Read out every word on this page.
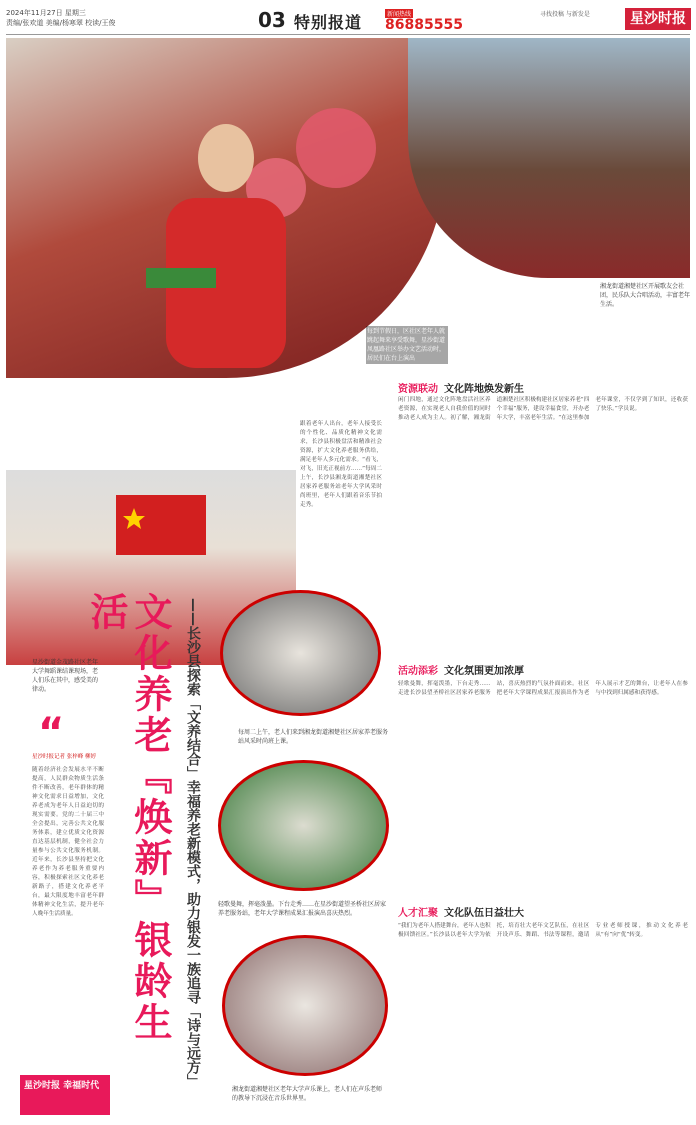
2024年11月27日 星期三
责编/张欢道 美编/杨寒翠 校读/王俊	03 特别报道	新闻热线
86885555
寻找投稿 与新发是	星沙时报
每到节假日，区社区老年人就跳起舞来享受歌舞，星沙街道凤凰路社区举办文艺活动时，居民们在台上演出
湘龙街道湘楚社区开展歌友会社团，民乐队大合唱活动，丰富老年生活。
星沙街道金茂路社区老年大学舞蹈课结课现场，老人们乐在其中，感受美的律动。	文化养老『焕新』银龄生活	——长沙县探索「文养结合」幸福养老新模式，助力银发一族追寻「诗与远方」	每周二上午，老人们来到湘龙街道湘楚社区居家养老服务站风采时尚班上课。
轻歌曼舞，挥毫泼墨。下台走秀……在星沙街道望圣桥社区居家养老服务站，老年大学课程成果汇报演出喜庆热烈。
湘龙街道湘楚社区老年大学声乐课上，老人们在声乐老师的教导下沉浸在音乐世界里。
“
星沙时报记者 张梓峰 柳婷
随着经济社会发展水平不断提高，人民群众物质生活条件不断改善，老年群体的精神文化需求日益增加，文化养老成为老年人日益迫切的现实需要。党的二十届三中全会提出，完善公共文化服务体系，建立优质文化资源直达基层机制，健全社会力量参与公共文化服务机制。近年来，长沙县坚持把文化养老作为养老服务重要内容，积极探索社区文化养老新路子，搭建文化养老平台，最大限度地丰富老年群体精神文化生活，提升老年人晚年生活质量。
星沙时报 幸福时代
跟着老年人出台，老年人接受长的个性化、品质化精神文化需求，长沙县积极盘活和精准社会资源，扩大文化养老服务供给，满足老年人多元化需求。“看飞，对飞，旧光正视前方……”每周二上午，长沙县湘龙街道湘楚社区居家养老服务站老年大学风采时尚班里，老年人们跟着音乐节拍走秀。
资源联动 文化阵地焕发新生
闲门四地，通过文化阵地盘活社区养老资源，在实现老人自我价值的同时推动老人成为主人。初了解，湘龙街道湘楚社区积极构建社区居家养老“四个幸福”服务，建设幸福食堂，开办老年大学，丰富老年生活。“在这里参加老年课堂，不仅学到了知识，还收获了快乐。”学员说。
活动添彩 文化氛围更加浓厚
轻歌曼舞，挥毫泼墨，下台走秀……走进长沙县望圣桥社区居家养老服务站，喜庆热烈的气氛扑面而来。社区把老年大学课程成果汇报演出作为老年人展示才艺的舞台，让老年人在参与中找到归属感和获得感。
人才汇聚 文化队伍日益壮大
“我们为老年人搭建舞台，老年人也积极回馈社区。”长沙县以老年大学为依托，培育壮大老年文艺队伍，在社区开设声乐、舞蹈、书法等课程，邀请专业老师授课，推动文化养老从“有”向“优”转变。
